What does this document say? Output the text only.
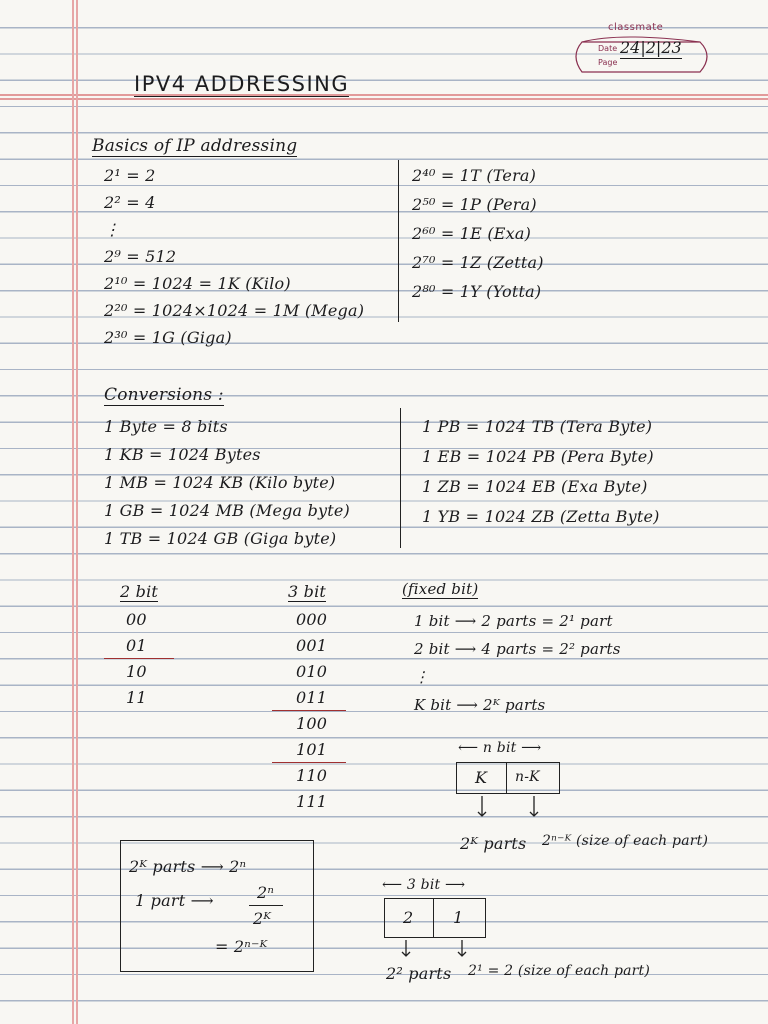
classmate
Date
Page
24|2|23
IPV4 ADDRESSING
Basics of IP addressing
2¹ = 2
2² = 4
⋮
2⁹ = 512
2¹⁰ = 1024 = 1K (Kilo)
2²⁰ = 1024×1024 = 1M (Mega)
2³⁰ = 1G (Giga)
2⁴⁰ = 1T (Tera)
2⁵⁰ = 1P (Pera)
2⁶⁰ = 1E (Exa)
2⁷⁰ = 1Z (Zetta)
2⁸⁰ = 1Y (Yotta)
Conversions :
1 Byte = 8 bits
1 KB = 1024 Bytes
1 MB = 1024 KB (Kilo byte)
1 GB = 1024 MB (Mega byte)
1 TB = 1024 GB (Giga byte)
1 PB = 1024 TB (Tera Byte)
1 EB = 1024 PB (Pera Byte)
1 ZB = 1024 EB (Exa Byte)
1 YB = 1024 ZB (Zetta Byte)
2 bit	3 bit
00
01
10
11
000
001
010
011
100
101
110
111
(fixed bit)
1 bit ⟶ 2 parts = 2¹ part
2 bit ⟶ 4 parts = 2² parts
⋮
K bit ⟶ 2ᴷ parts
⟵ n bit ⟶
K n-K
2ᴷ parts 2ⁿ⁻ᴷ (size of each part)
2ᴷ parts ⟶ 2ⁿ
1 part ⟶	2ⁿ
2ᴷ
= 2ⁿ⁻ᴷ
⟵ 3 bit ⟶
2 1
2² parts 2¹ = 2 (size of each part)
